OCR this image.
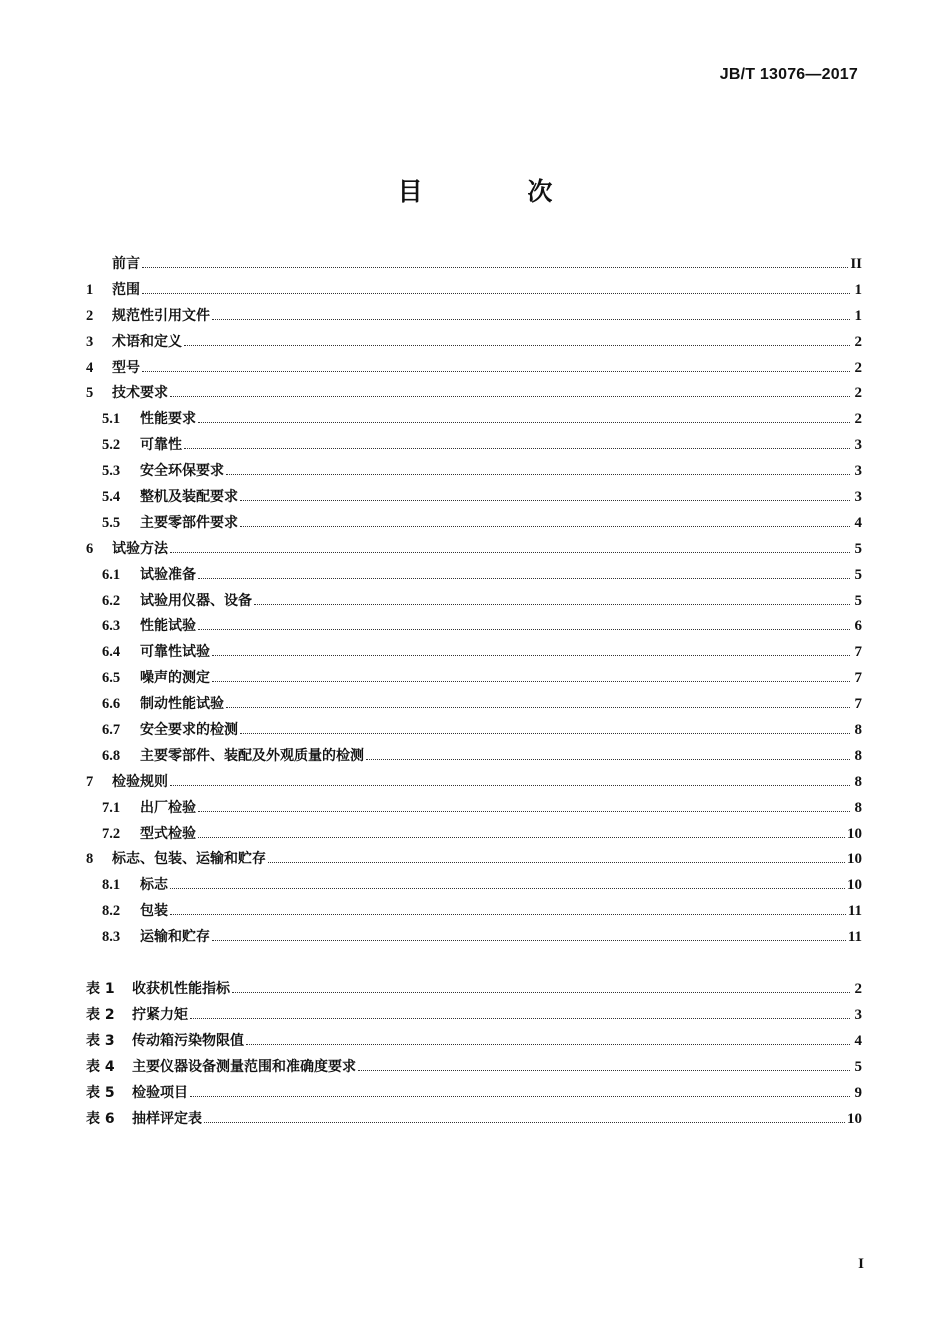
JB/T 13076—2017
目 次
前言	II
1	范围	1
2	规范性引用文件	1
3	术语和定义	2
4	型号	2
5	技术要求	2
5.1	性能要求	2
5.2	可靠性	3
5.3	安全环保要求	3
5.4	整机及装配要求	3
5.5	主要零部件要求	4
6	试验方法	5
6.1	试验准备	5
6.2	试验用仪器、设备	5
6.3	性能试验	6
6.4	可靠性试验	7
6.5	噪声的测定	7
6.6	制动性能试验	7
6.7	安全要求的检测	8
6.8	主要零部件、装配及外观质量的检测	8
7	检验规则	8
7.1	出厂检验	8
7.2	型式检验	10
8	标志、包装、运输和贮存	10
8.1	标志	10
8.2	包装	11
8.3	运输和贮存	11
表 1	收获机性能指标	2
表 2	拧紧力矩	3
表 3	传动箱污染物限值	4
表 4	主要仪器设备测量范围和准确度要求	5
表 5	检验项目	9
表 6	抽样评定表	10
I
